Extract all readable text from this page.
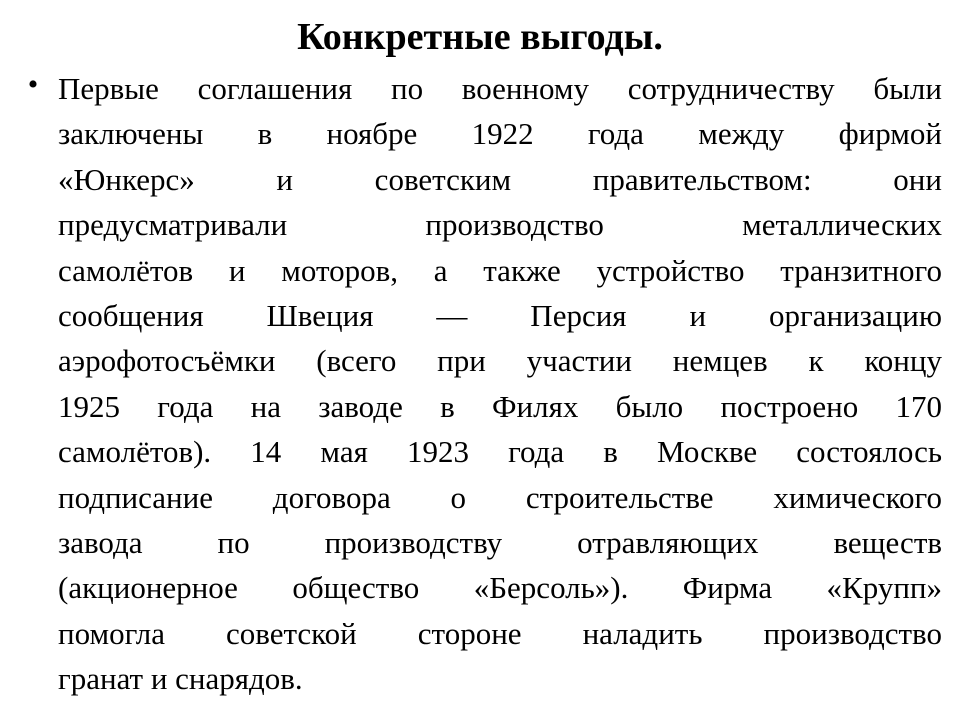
Конкретные выгоды.
• Первые соглашения по военному сотрудничеству были
заключены в ноябре 1922 года между фирмой
«Юнкерс» и советским правительством: они
предусматривали производство металлических
самолётов и моторов, а также устройство транзитного
сообщения Швеция — Персия и организацию
аэрофотосъёмки (всего при участии немцев к концу
1925 года на заводе в Филях было построено 170
самолётов). 14 мая 1923 года в Москве состоялось
подписание договора о строительстве химического
завода по производству отравляющих веществ
(акционерное общество «Берсоль»). Фирма «Крупп»
помогла советской стороне наладить производство
гранат и снарядов.
